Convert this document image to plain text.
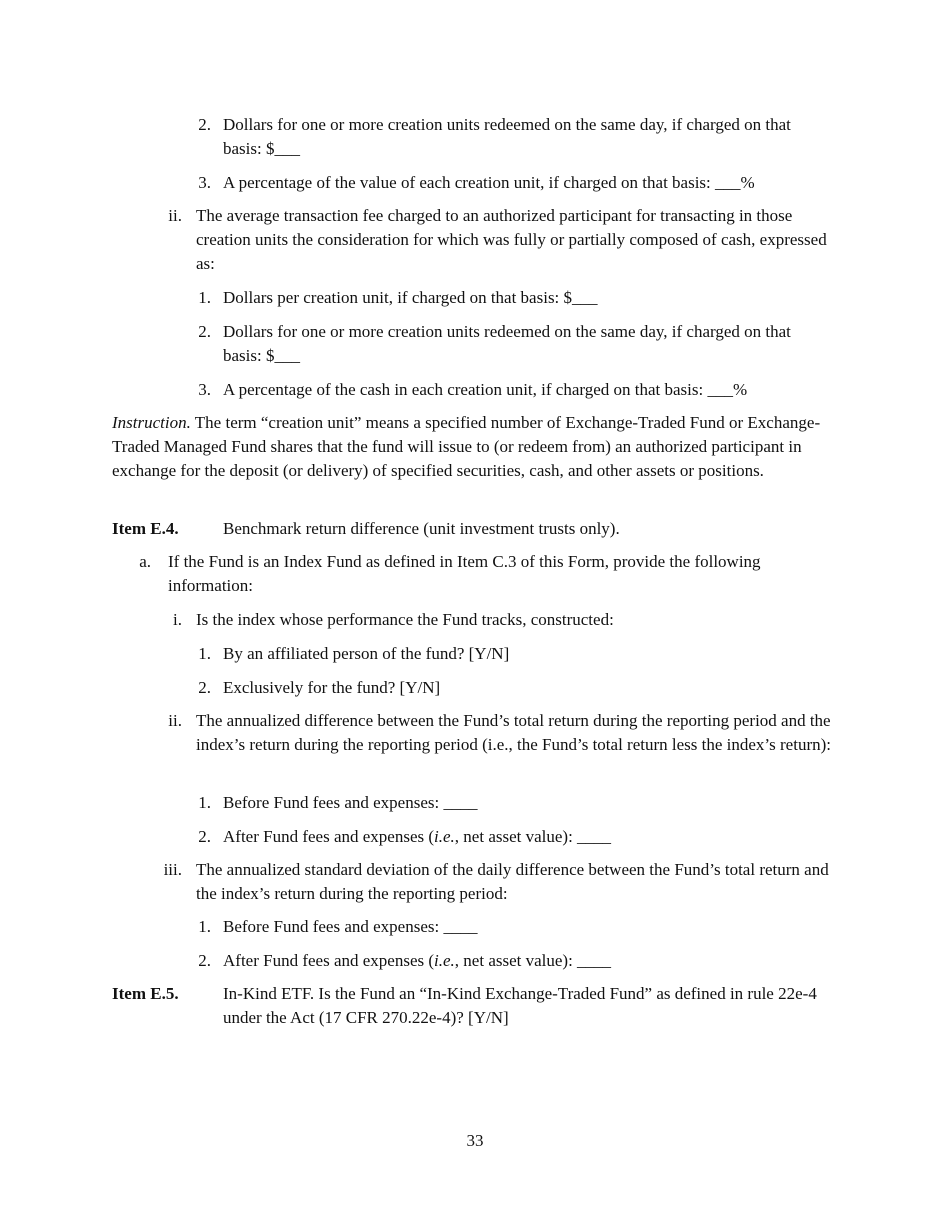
2. Dollars for one or more creation units redeemed on the same day, if charged on that basis: $___
3. A percentage of the value of each creation unit, if charged on that basis: ___%
ii. The average transaction fee charged to an authorized participant for transacting in those creation units the consideration for which was fully or partially composed of cash, expressed as:
1. Dollars per creation unit, if charged on that basis: $___
2. Dollars for one or more creation units redeemed on the same day, if charged on that basis: $___
3. A percentage of the cash in each creation unit, if charged on that basis: ___%
Instruction. The term “creation unit” means a specified number of Exchange-Traded Fund or Exchange-Traded Managed Fund shares that the fund will issue to (or redeem from) an authorized participant in exchange for the deposit (or delivery) of specified securities, cash, and other assets or positions.
Item E.4.	Benchmark return difference (unit investment trusts only).
a. If the Fund is an Index Fund as defined in Item C.3 of this Form, provide the following information:
i. Is the index whose performance the Fund tracks, constructed:
1. By an affiliated person of the fund? [Y/N]
2. Exclusively for the fund? [Y/N]
ii. The annualized difference between the Fund’s total return during the reporting period and the index’s return during the reporting period (i.e., the Fund’s total return less the index’s return):
1. Before Fund fees and expenses: ____
2. After Fund fees and expenses (i.e., net asset value): ____
iii. The annualized standard deviation of the daily difference between the Fund’s total return and the index’s return during the reporting period:
1. Before Fund fees and expenses: ____
2. After Fund fees and expenses (i.e., net asset value): ____
Item E.5.	In-Kind ETF. Is the Fund an “In-Kind Exchange-Traded Fund” as defined in rule 22e-4 under the Act (17 CFR 270.22e-4)? [Y/N]
33
